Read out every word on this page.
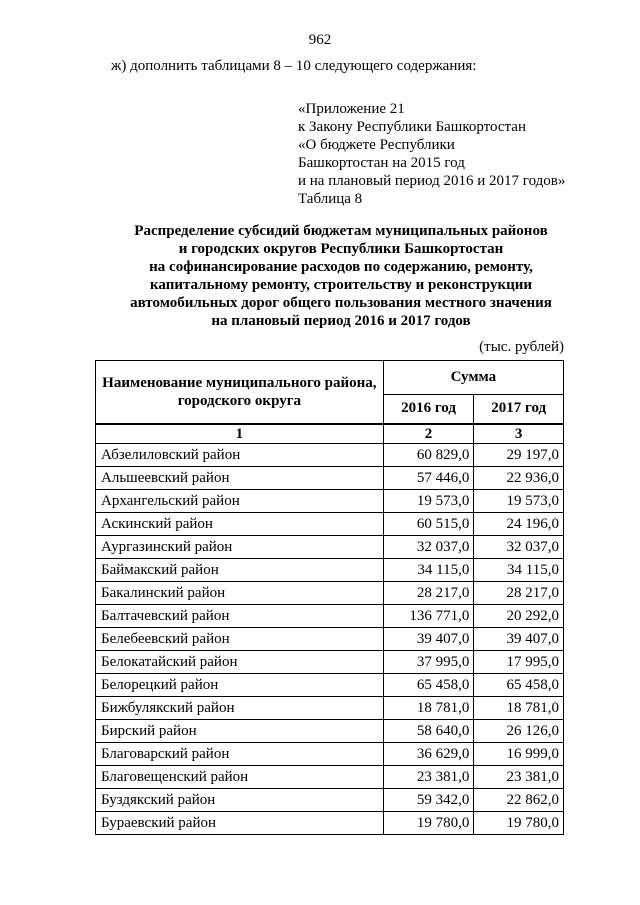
962
ж) дополнить таблицами 8 – 10 следующего содержания:
«Приложение 21
к Закону Республики Башкортостан
«О бюджете Республики
Башкортостан на 2015 год
и на плановый период 2016 и 2017 годов»
Таблица 8
Распределение субсидий бюджетам муниципальных районов
и городских округов Республики Башкортостан
на софинансирование расходов по содержанию, ремонту,
капитальному ремонту, строительству и реконструкции
автомобильных дорог общего пользования местного значения
на плановый период 2016 и 2017 годов
(тыс. рублей)
Наименование муниципального района,
городского округа	Сумма	
	2016 год	2017 год
1	2	3
Абзелиловский район	60 829,0	29 197,0
Альшеевский район	57 446,0	22 936,0
Архангельский район	19 573,0	19 573,0
Аскинский район	60 515,0	24 196,0
Аургазинский район	32 037,0	32 037,0
Баймакский район	34 115,0	34 115,0
Бакалинский район	28 217,0	28 217,0
Балтачевский район	136 771,0	20 292,0
Белебеевский район	39 407,0	39 407,0
Белокатайский район	37 995,0	17 995,0
Белорецкий район	65 458,0	65 458,0
Бижбулякский район	18 781,0	18 781,0
Бирский район	58 640,0	26 126,0
Благоварский район	36 629,0	16 999,0
Благовещенский район	23 381,0	23 381,0
Буздякский район	59 342,0	22 862,0
Бураевский район	19 780,0	19 780,0
